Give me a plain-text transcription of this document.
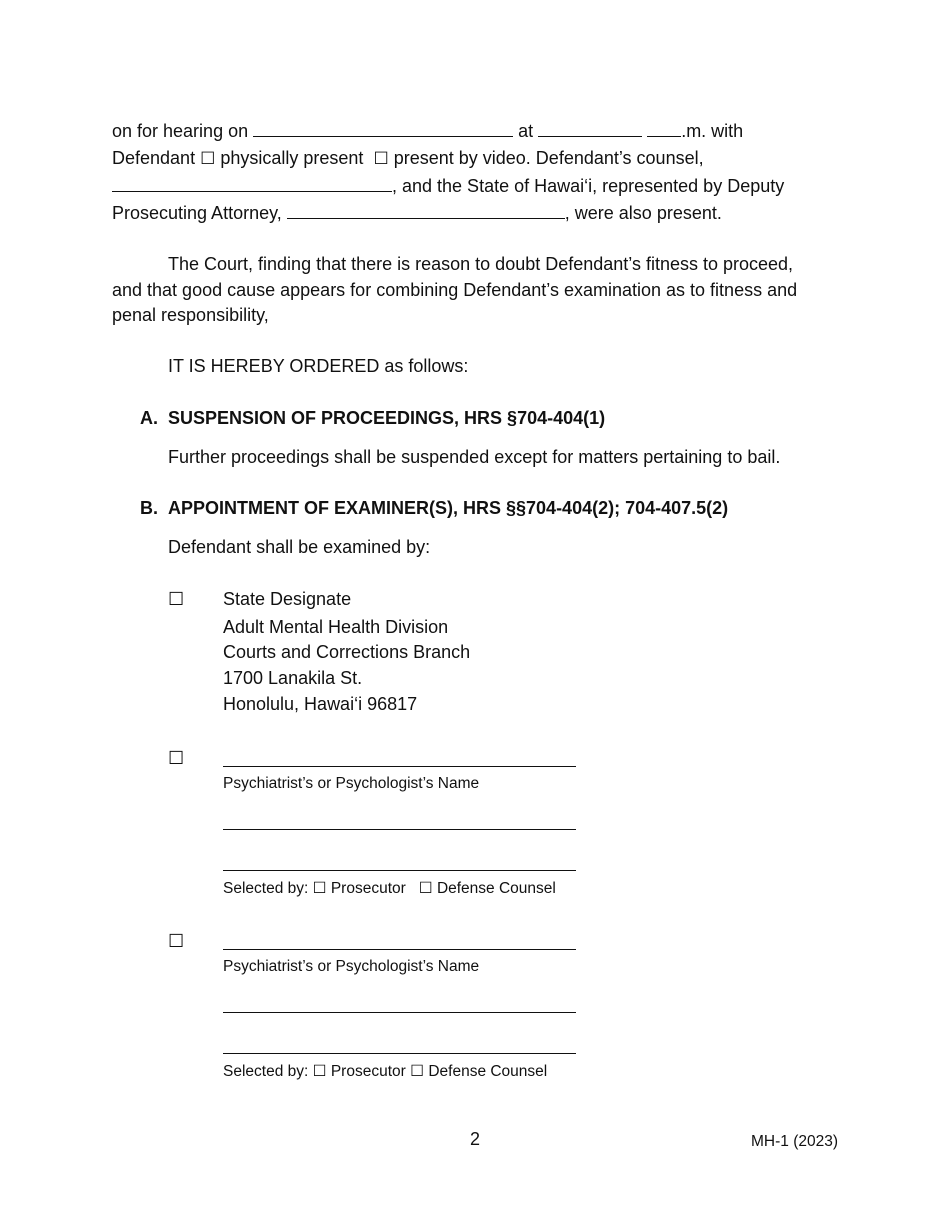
on for hearing on	at	.m. with
Defendant ☐ physically present ☐ present by video. Defendant’s counsel,
, and the State of Hawai‘i, represented by Deputy
Prosecuting Attorney,	, were also present.
The Court, finding that there is reason to doubt Defendant’s fitness to proceed,
and that good cause appears for combining Defendant’s examination as to fitness and
penal responsibility,
IT IS HEREBY ORDERED as follows:
A. SUSPENSION OF PROCEEDINGS, HRS §704-404(1)
Further proceedings shall be suspended except for matters pertaining to bail.
B. APPOINTMENT OF EXAMINER(S), HRS §§704-404(2); 704-407.5(2)
Defendant shall be examined by:
☐ State Designate
Adult Mental Health Division
Courts and Corrections Branch
1700 Lanakila St.
Honolulu, Hawai‘i 96817
☐
Psychiatrist’s or Psychologist’s Name
Selected by: ☐ Prosecutor ☐ Defense Counsel
☐
Psychiatrist’s or Psychologist’s Name
Selected by: ☐ Prosecutor ☐ Defense Counsel
2	MH-1 (2023)
